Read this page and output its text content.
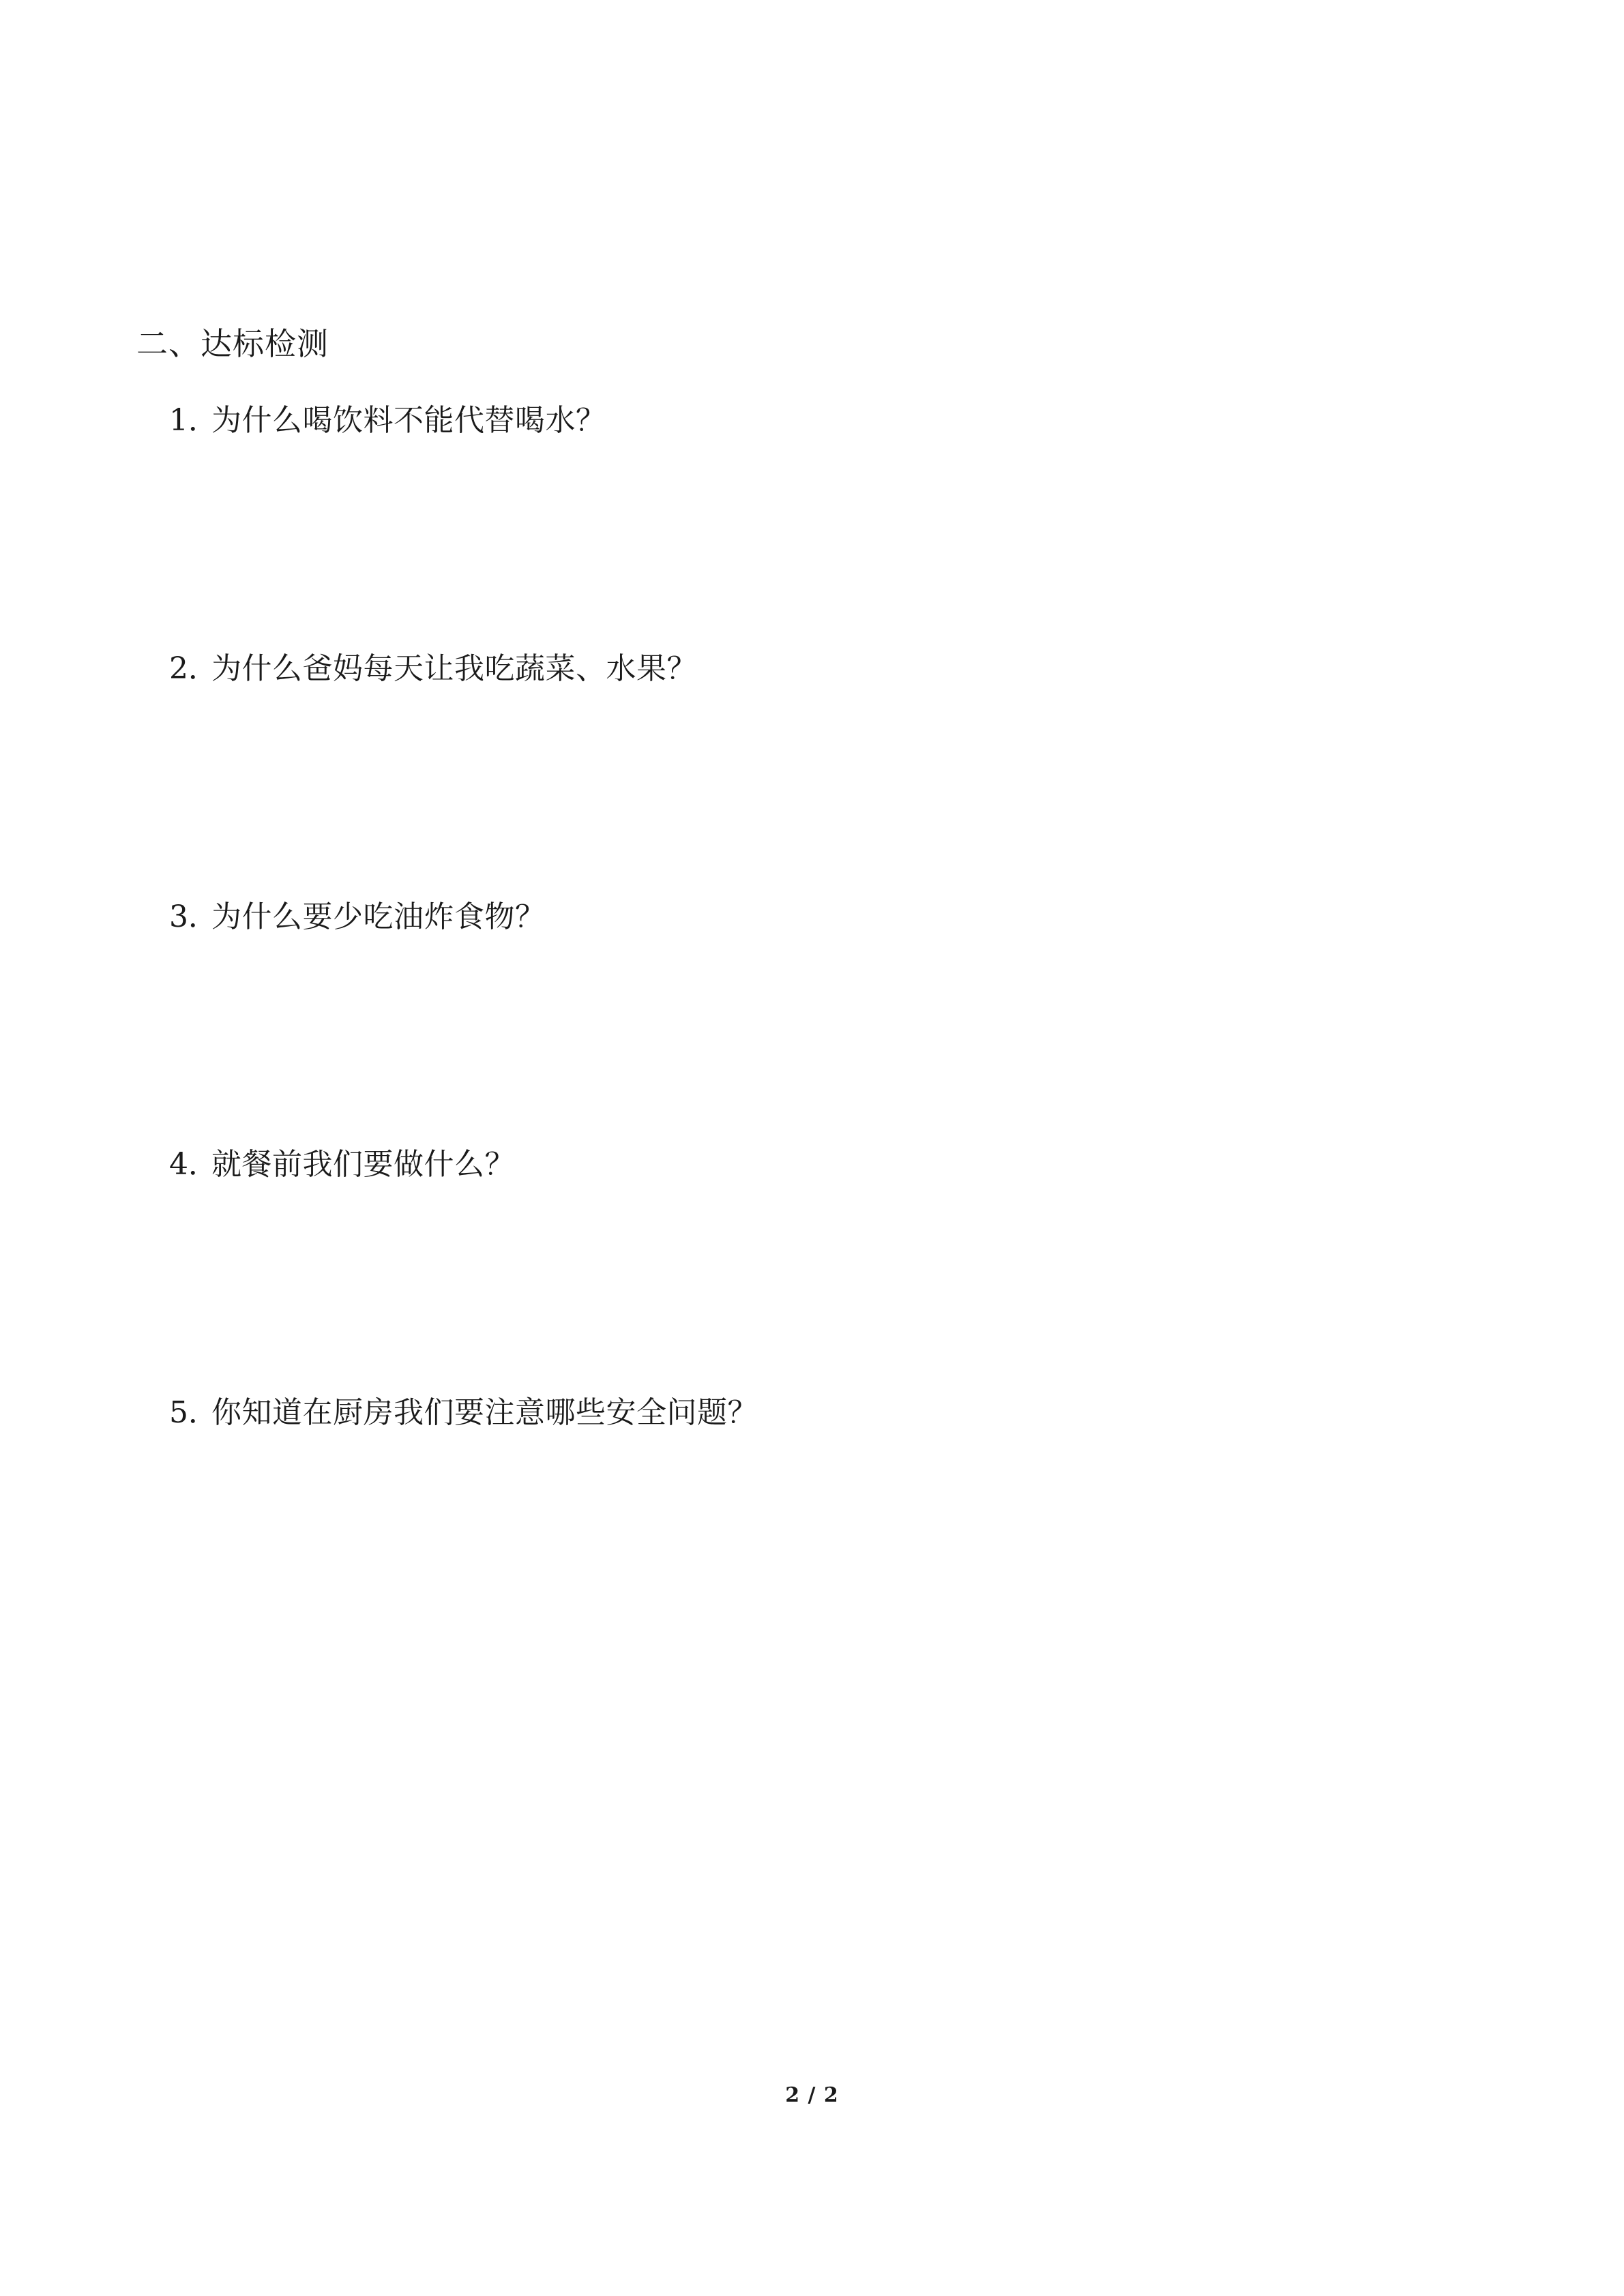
二、达标检测
1．
为什么喝饮料不能代替喝水？
2．
为什么爸妈每天让我吃蔬菜、水果？
3．
为什么要少吃油炸食物？
4．
就餐前我们要做什么？
5．
你知道在厨房我们要注意哪些安全问题？
2 / 2
